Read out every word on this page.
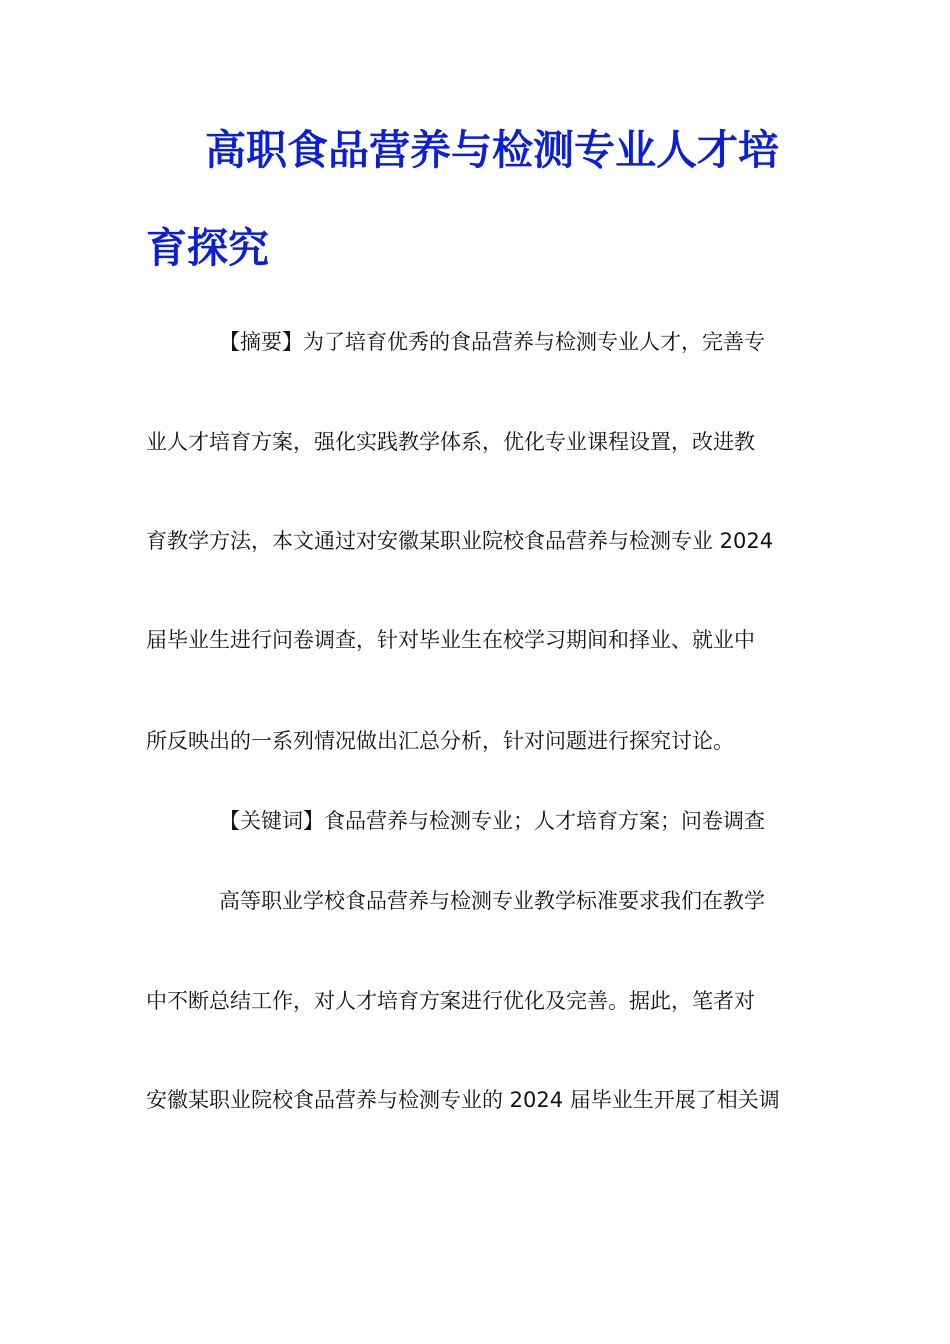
高职食品营养与检测专业人才培
育探究
【摘要】为了培育优秀的食品营养与检测专业人才，完善专
业人才培育方案，强化实践教学体系，优化专业课程设置，改进教
育教学方法，本文通过对安徽某职业院校食品营养与检测专业 2024
届毕业生进行问卷调查，针对毕业生在校学习期间和择业、就业中
所反映出的一系列情况做出汇总分析，针对问题进行探究讨论。
【关键词】食品营养与检测专业；人才培育方案；问卷调查
高等职业学校食品营养与检测专业教学标准要求我们在教学
中不断总结工作，对人才培育方案进行优化及完善。据此，笔者对
安徽某职业院校食品营养与检测专业的 2024 届毕业生开展了相关调
